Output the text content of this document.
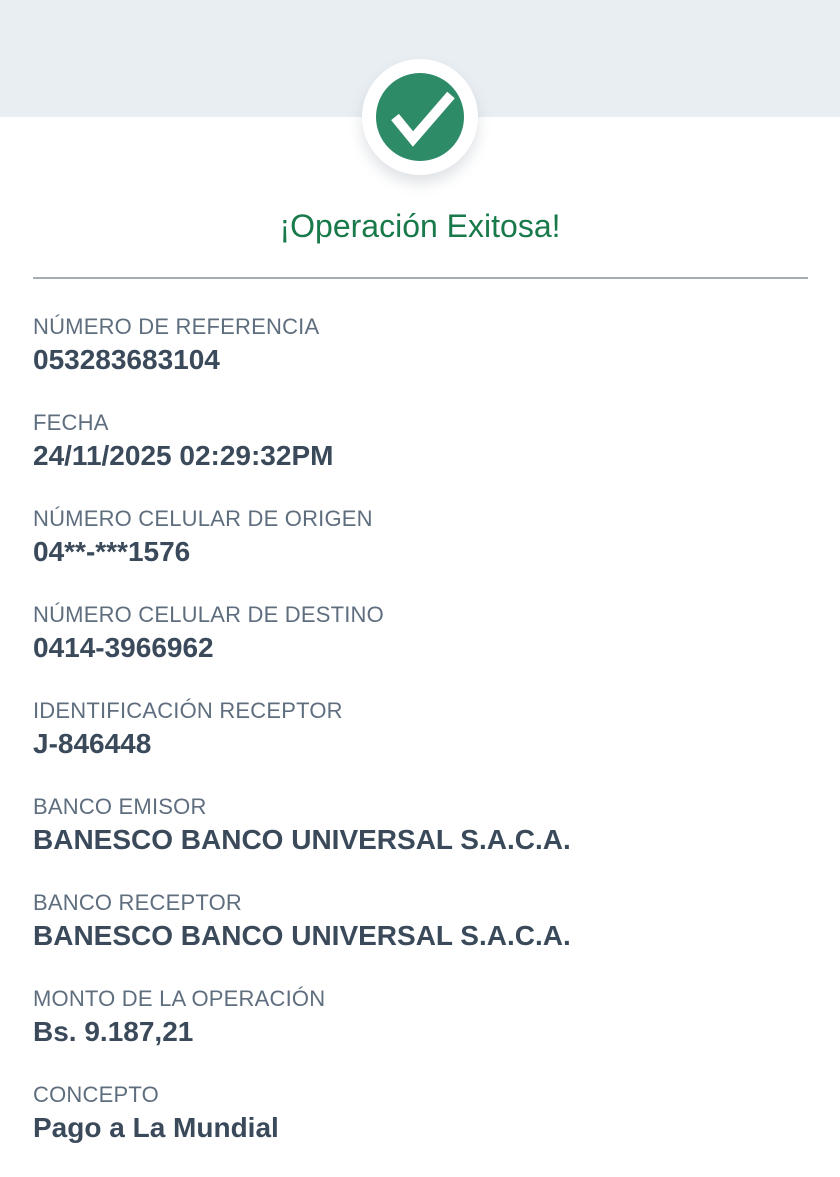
¡Operación Exitosa!
NÚMERO DE REFERENCIA
053283683104
FECHA
24/11/2025 02:29:32PM
NÚMERO CELULAR DE ORIGEN
04**-***1576
NÚMERO CELULAR DE DESTINO
0414-3966962
IDENTIFICACIÓN RECEPTOR
J-846448
BANCO EMISOR
BANESCO BANCO UNIVERSAL S.A.C.A.
BANCO RECEPTOR
BANESCO BANCO UNIVERSAL S.A.C.A.
MONTO DE LA OPERACIÓN
Bs. 9.187,21
CONCEPTO
Pago a La Mundial
